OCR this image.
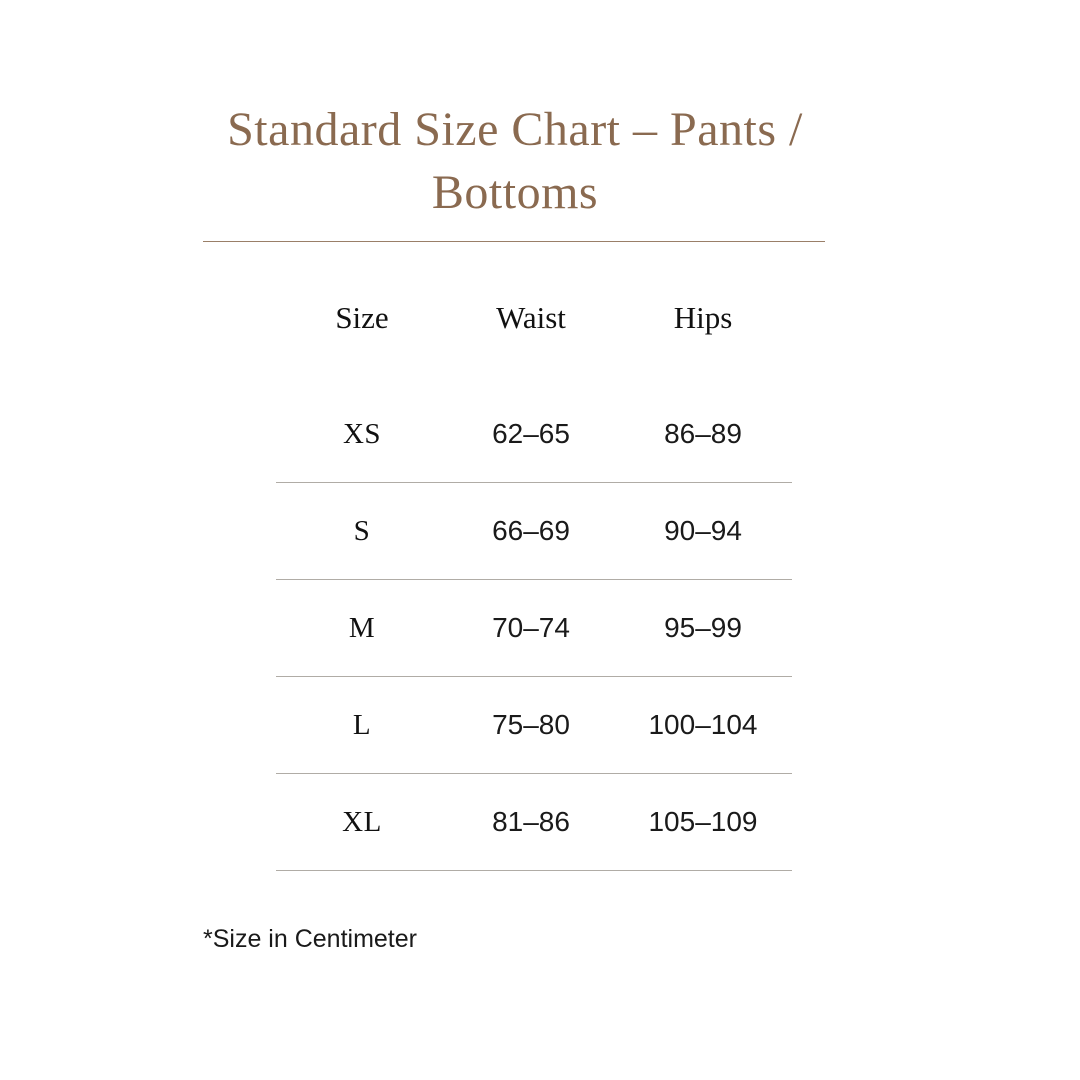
Standard Size Chart – Pants /
Bottoms
Size	Waist	Hips
XS	62–65	86–89
S	66–69	90–94
M	70–74	95–99
L	75–80	100–104
XL	81–86	105–109
*Size in Centimeter
